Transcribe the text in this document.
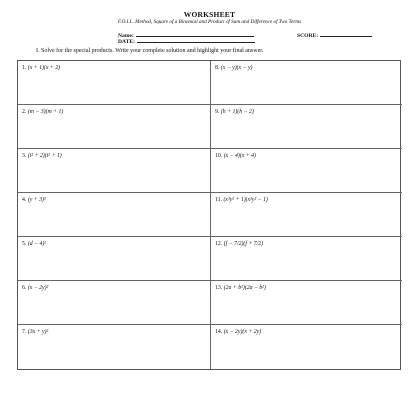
WORKSHEET
F.O.I.L. Method, Square of a Binomial and Product of Sum and Difference of Two Terms
Name:
DATE:
SCORE:
I. Solve for the special products. Write your complete solution and highlight your final answer.
1. (x + 1)(x + 2)	8. (x − y)(x − y)
2. (m − 3)(m + 1)	9. (h + 1)(h − 2)
3. (t² + 2)(t² + 1)	10. (x − 4)(x + 4)
4. (y + 3)²	11. (x³y² + 1)(x³y² − 1)
5. (d − 4)²	12. (f − 7/2)(f + 7/2)
6. (x − 2y)²	13. (2a + b²)(2a − b²)
7. (3x + y)²	14. (x − 2y)(x + 2y)
